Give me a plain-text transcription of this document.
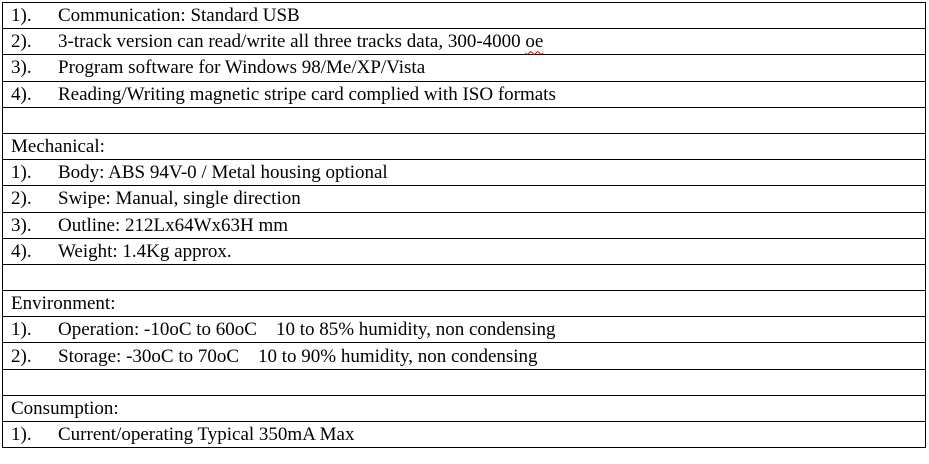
1). Communication: Standard USB
2). 3-track version can read/write all three tracks data, 300-4000 oe
3). Program software for Windows 98/Me/XP/Vista
4). Reading/Writing magnetic stripe card complied with ISO formats

Mechanical:
1). Body: ABS 94V-0 / Metal housing optional
2). Swipe: Manual, single direction
3). Outline: 212Lx64Wx63H mm
4). Weight: 1.4Kg approx.

Environment:
1). Operation: -10oC to 60oC    10 to 85% humidity, non condensing
2). Storage: -30oC to 70oC    10 to 90% humidity, non condensing

Consumption:
1). Current/operating Typical 350mA Max
